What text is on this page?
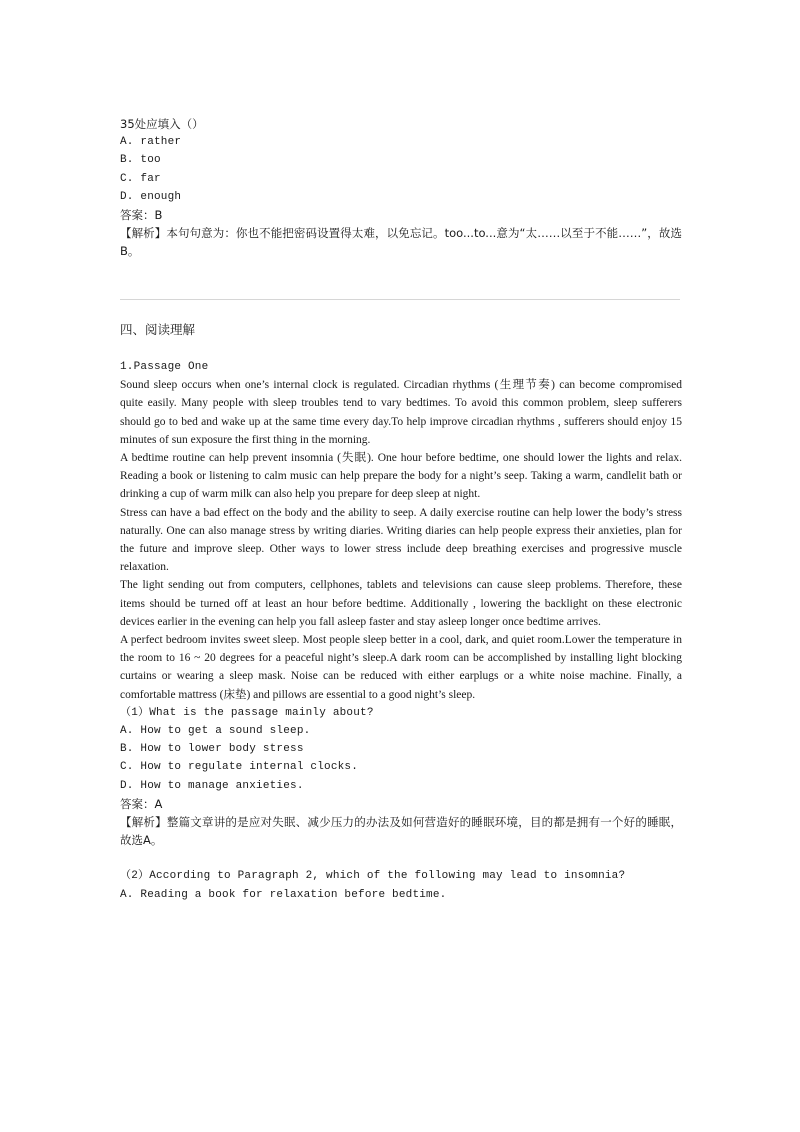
35处应填入（）
A. rather
B. too
C. far
D. enough
答案：B

【解析】本句句意为：你也不能把密码设置得太难，以免忘记。too...to...意为“太……以至于不能……”，故选B。

四、阅读理解
1.Passage One

Sound sleep occurs when one’s internal clock is regulated. Circadian rhythms (生理节奏) can become compromised quite easily. Many people with sleep troubles tend to vary bedtimes. To avoid this common problem, sleep sufferers should go to bed and wake up at the same time every day.To help improve circadian rhythms , sufferers should enjoy 15 minutes of sun exposure the first thing in the morning.

A bedtime routine can help prevent insomnia (失眠). One hour before bedtime, one should lower the lights and relax. Reading a book or listening to calm music can help prepare the body for a night’s seep. Taking a warm, candlelit bath or drinking a cup of warm milk can also help you prepare for deep sleep at night.

Stress can have a bad effect on the body and the ability to seep. A daily exercise routine can help lower the body’s stress naturally. One can also manage stress by writing diaries. Writing diaries can help people express their anxieties, plan for the future and improve sleep. Other ways to lower stress include deep breathing exercises and progressive muscle relaxation.

The light sending out from computers, cellphones, tablets and televisions can cause sleep problems. Therefore, these items should be turned off at least an hour before bedtime. Additionally , lowering the backlight on these electronic devices earlier in the evening can help you fall asleep faster and stay asleep longer once bedtime arrives.

A perfect bedroom invites sweet sleep. Most people sleep better in a cool, dark, and quiet room.Lower the temperature in the room to 16 ~ 20 degrees for a peaceful night’s sleep.A dark room can be accomplished by installing light blocking curtains or wearing a sleep mask. Noise can be reduced with either earplugs or a white noise machine. Finally, a comfortable mattress (床垫) and pillows are essential to a good night’s sleep.

（1）What is the passage mainly about?
A. How to get a sound sleep.
B. How to lower body stress
C. How to regulate internal clocks.
D. How to manage anxieties.
答案：A

【解析】整篇文章讲的是应对失眠、减少压力的办法及如何营造好的睡眠环境，目的都是拥有一个好的睡眠，故选A。

（2）According to Paragraph 2, which of the following may lead to insomnia?
A. Reading a book for relaxation before bedtime.
